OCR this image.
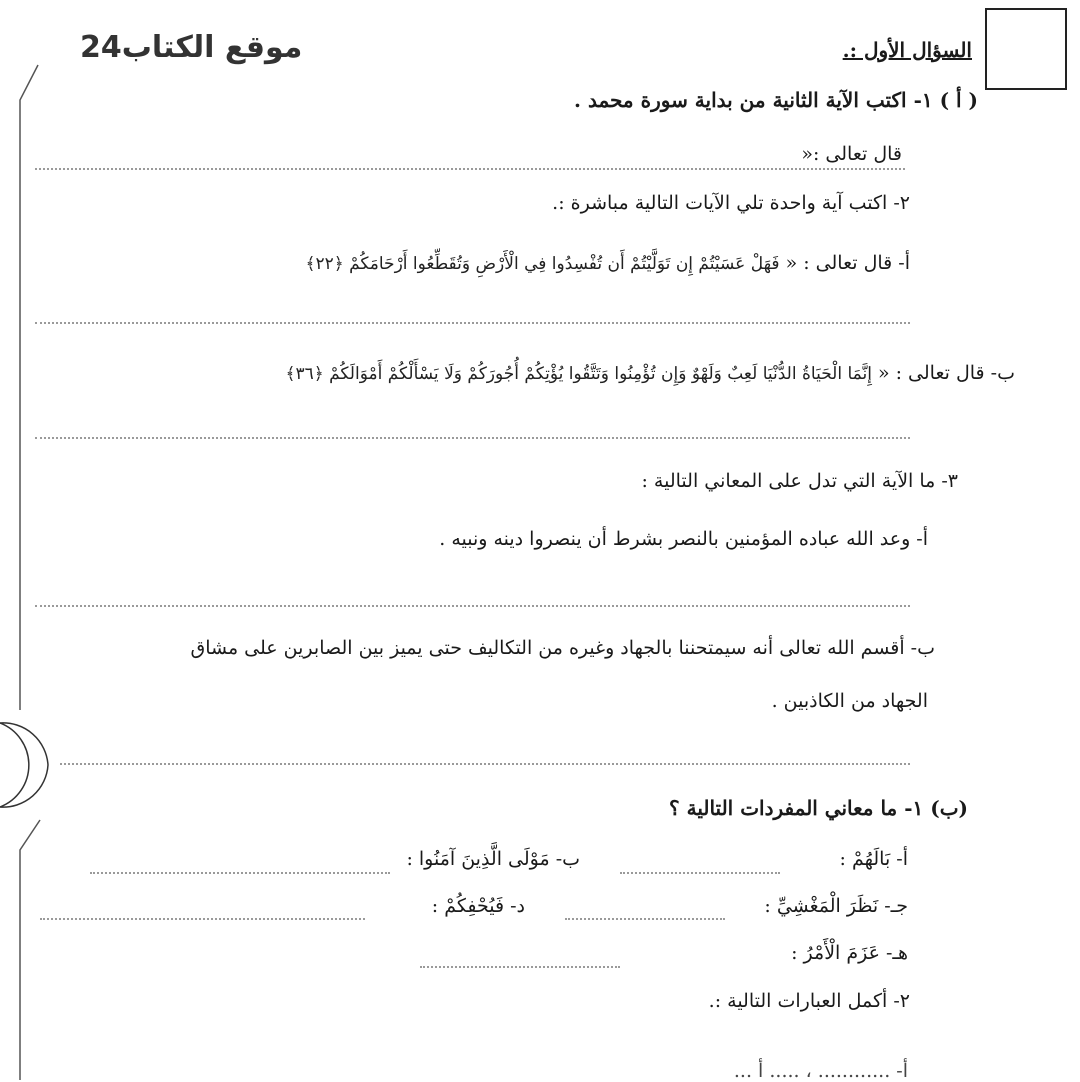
موقع الكتاب24	السؤال الأول :.
( أ ) ١- اكتب الآية الثانية من بداية سورة محمد .
قال تعالى :«
٢- اكتب آية واحدة تلي الآيات التالية مباشرة :.
أ- قال تعالى : «
فَهَلْ عَسَيْتُمْ إِن تَوَلَّيْتُمْ أَن تُفْسِدُوا فِي الْأَرْضِ وَتُقَطِّعُوا أَرْحَامَكُمْ ﴿٢٢﴾
ب- قال تعالى : «
إِنَّمَا الْحَيَاةُ الدُّنْيَا لَعِبٌ وَلَهْوٌ وَإِن تُؤْمِنُوا وَتَتَّقُوا يُؤْتِكُمْ أُجُورَكُمْ وَلَا يَسْأَلْكُمْ أَمْوَالَكُمْ ﴿٣٦﴾
٣- ما الآية التي تدل على المعاني التالية :
أ- وعد الله عباده المؤمنين بالنصر بشرط أن ينصروا دينه ونبيه .
ب- أقسم الله تعالى أنه سيمتحننا بالجهاد وغيره من التكاليف حتى يميز بين الصابرين على مشاق
الجهاد من الكاذبين .
(ب) ١- ما معاني المفردات التالية ؟
أ- بَالَهُمْ :
ب- مَوْلَى الَّذِينَ آمَنُوا :
جـ- نَظَرَ الْمَغْشِيِّ :
د- فَيُحْفِكُمْ :
هـ- عَزَمَ الْأَمْرُ :
٢- أكمل العبارات التالية :.
أ- ............ ، ..... أ ...
